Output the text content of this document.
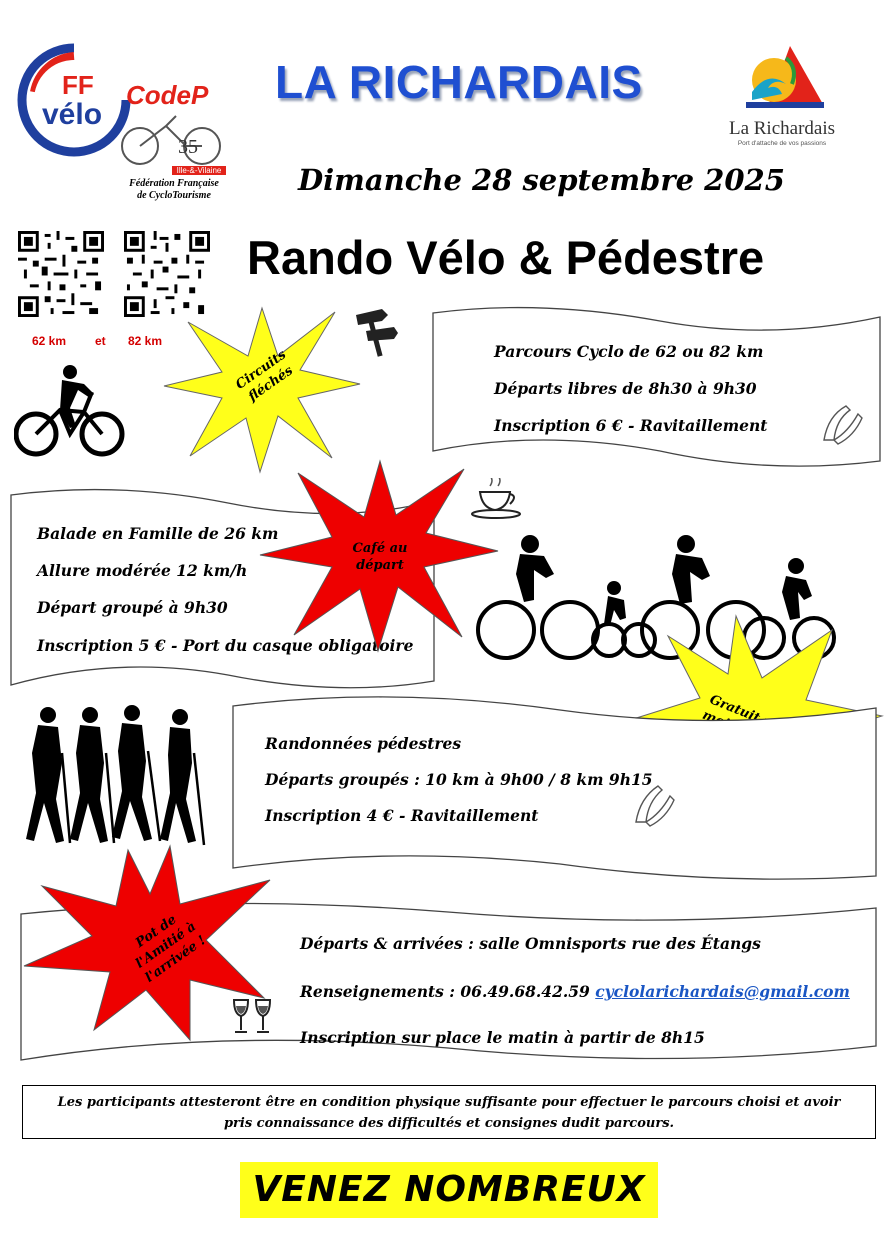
FF
vélo
CodeP
35
Ille-&-Vilaine
Fédération Française
de CycloTourisme
La Richardais
Port d'attache de vos passions
LA RICHARDAIS
Dimanche 28 septembre 2025
Rando Vélo & Pédestre
62 km et 82 km
Circuits fléchés
Parcours Cyclo de 62 ou 82 km
Départs libres de 8h30 à 9h30
Inscription 6 € - Ravitaillement
Balade en Famille de 26 km
Allure modérée 12 km/h
Départ groupé à 9h30
Inscription 5 € - Port du casque obligatoire
Café au départ
Randonnées pédestres
Départs groupés : 10 km à 9h00 / 8 km 9h15
Inscription 4 € - Ravitaillement
Pot de l'Amitié à l'arrivée !	Départs & arrivées : salle Omnisports rue des Étangs
Renseignements : 06.49.68.42.59 cyclolarichardais@gmail.com
Inscription sur place le matin à partir de 8h15
Les participants attesteront être en condition physique suffisante pour effectuer le parcours choisi et avoir
pris connaissance des difficultés et consignes dudit parcours.
VENEZ NOMBREUX
